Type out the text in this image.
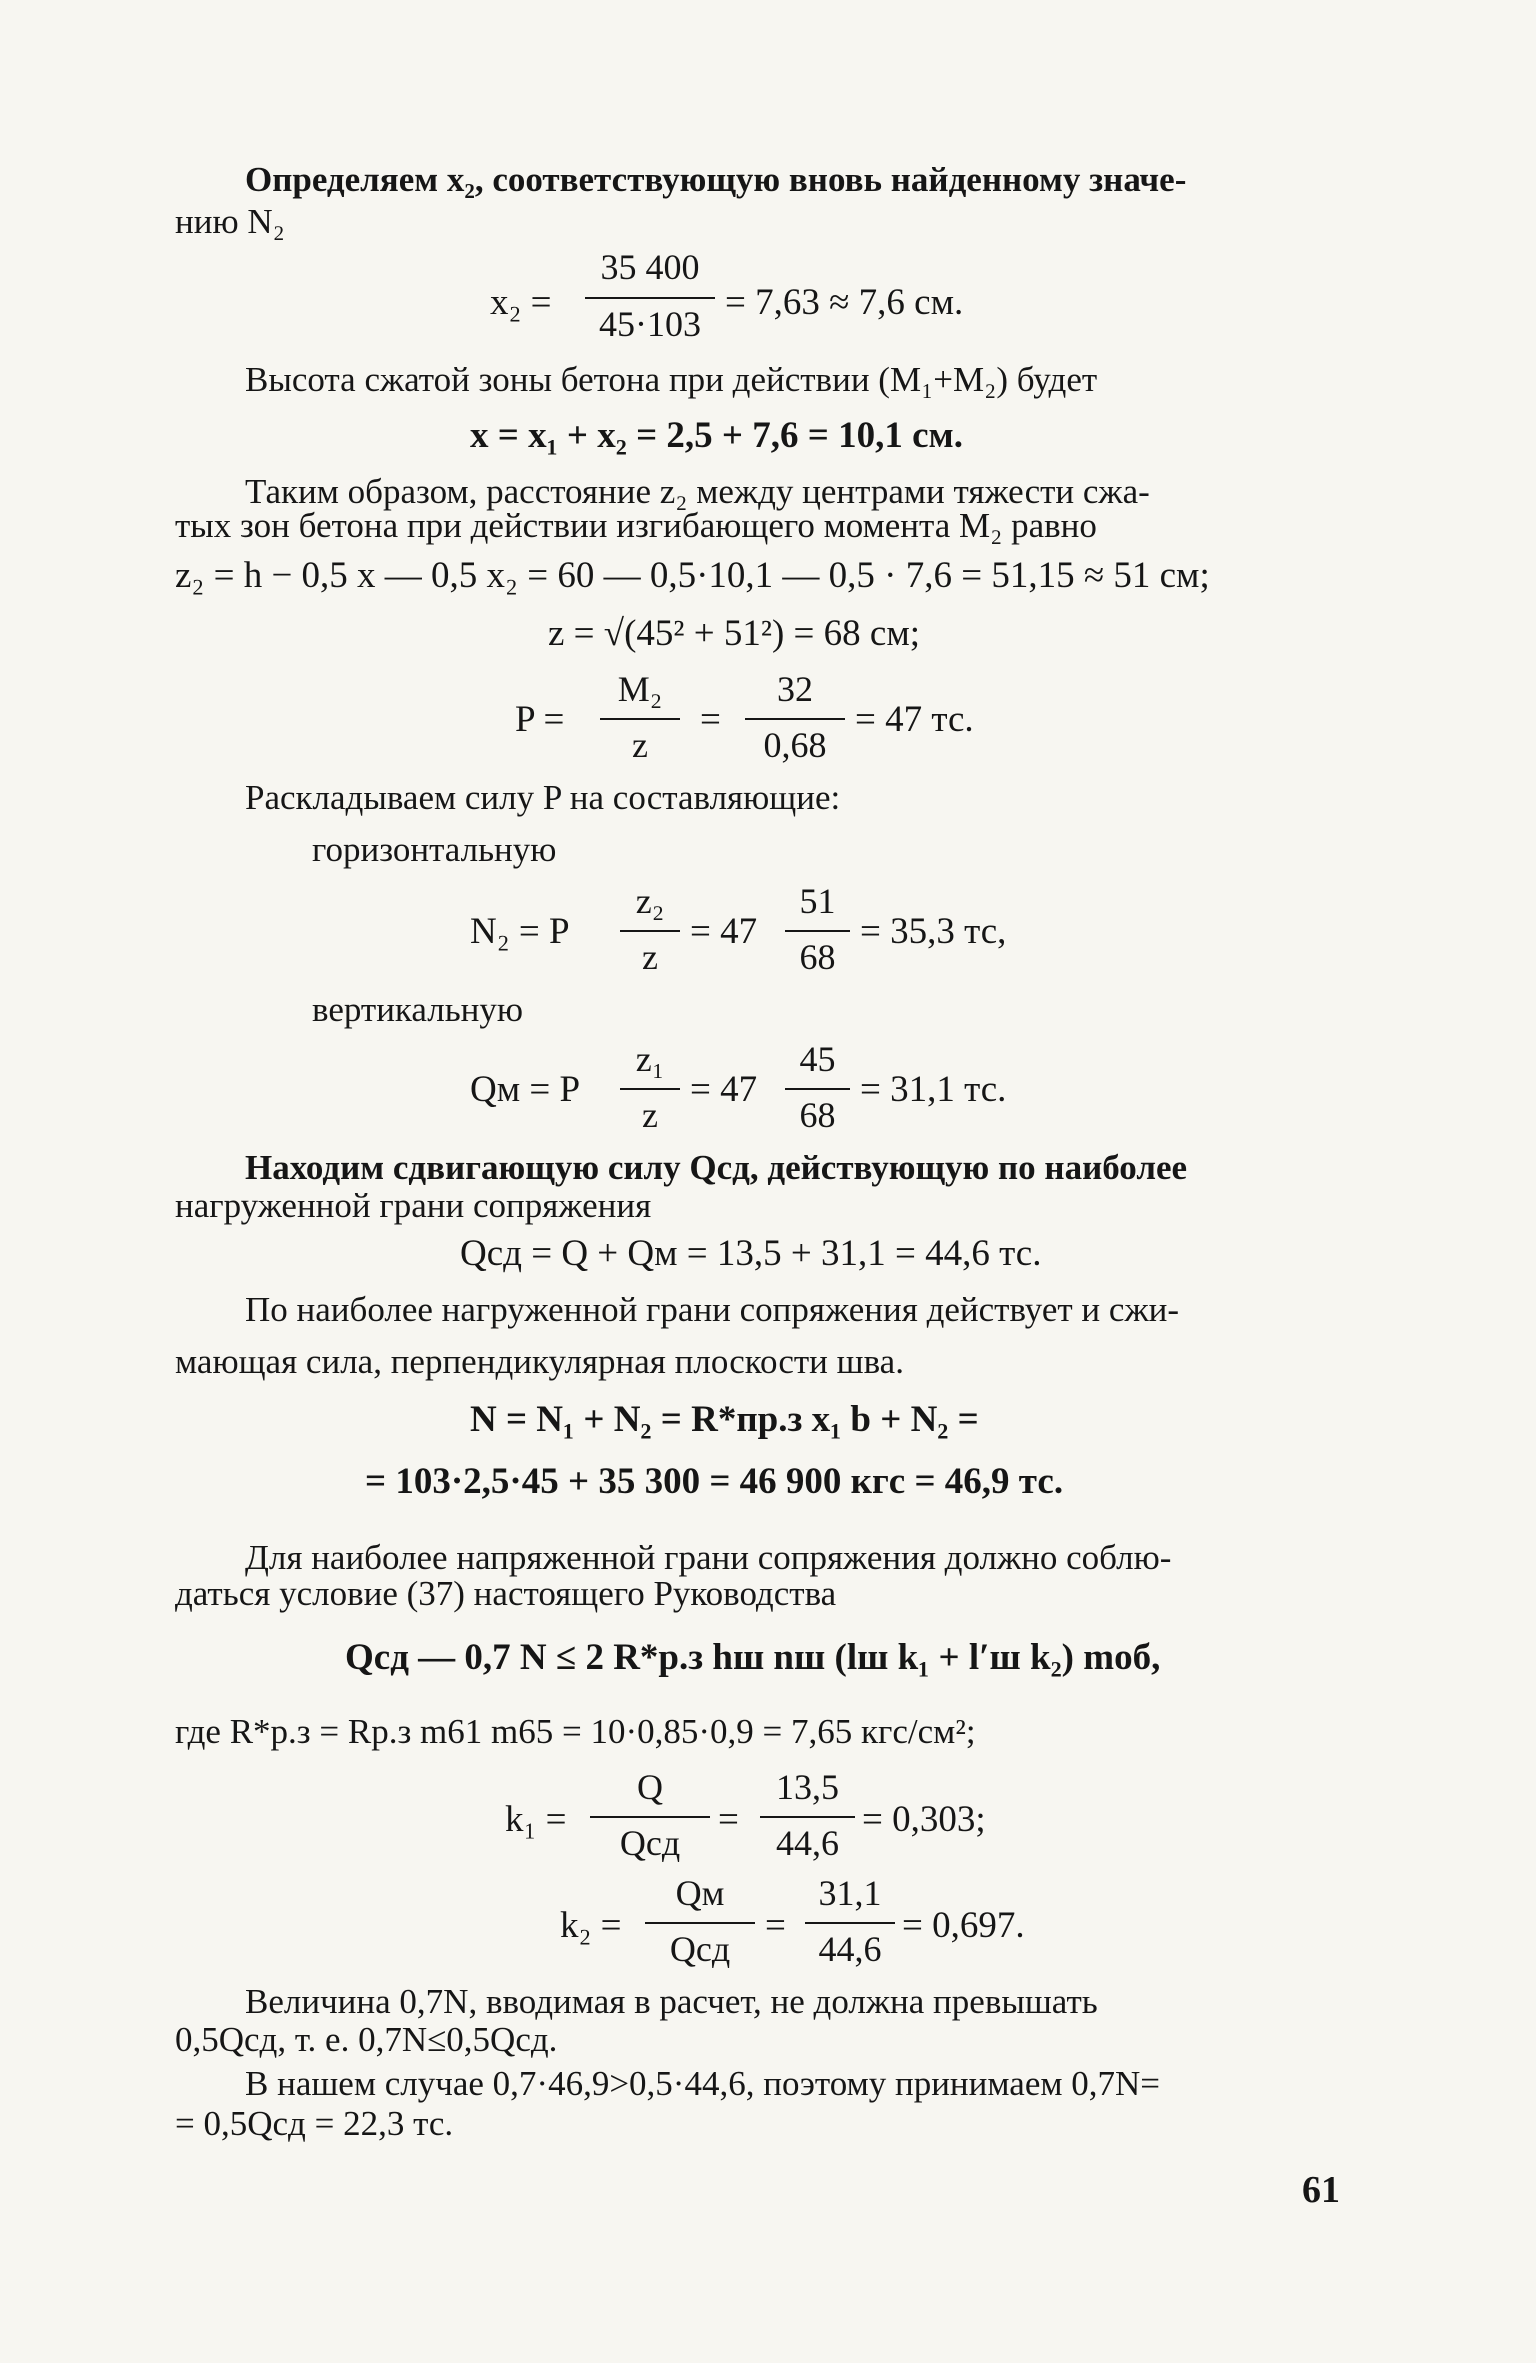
Определяем x₂, соответствующую вновь найденному значе-
нию N₂
x₂ =
35 400
45·103
= 7,63 ≈ 7,6 см.
Высота сжатой зоны бетона при действии (M₁+M₂) будет
x = x₁ + x₂ = 2,5 + 7,6 = 10,1 см.
Таким образом, расстояние z₂ между центрами тяжести сжа-
тых зон бетона при действии изгибающего момента M₂ равно
z₂ = h − 0,5 x — 0,5 x₂ = 60 — 0,5·10,1 — 0,5 · 7,6 = 51,15 ≈ 51 см;
z = √(45² + 51²) = 68 см;
P =
M₂
z
=
32
0,68
= 47 тс.
Раскладываем силу P на составляющие:
горизонтальную
N₂ = P
z₂
z
= 47
51
68
= 35,3 тс,
вертикальную
Qм = P
z₁
z
= 47
45
68
= 31,1 тс.
Находим сдвигающую силу Qсд, действующую по наиболее
нагруженной грани сопряжения
Qсд = Q + Qм = 13,5 + 31,1 = 44,6 тс.
По наиболее нагруженной грани сопряжения действует и сжи-
мающая сила, перпендикулярная плоскости шва.
N = N₁ + N₂ = R*пр.з x₁ b + N₂ =
= 103·2,5·45 + 35 300 = 46 900 кгс = 46,9 тс.
Для наиболее напряженной грани сопряжения должно соблю-
даться условие (37) настоящего Руководства
Qсд — 0,7 N ≤ 2 R*р.з hш nш (lш k₁ + l′ш k₂) mоб,
где R*р.з = Rр.з m61 m65 = 10·0,85·0,9 = 7,65 кгс/см²;
k₁ =
Q
Qсд
=
13,5
44,6
= 0,303;
k₂ =
Qм
Qсд
=
31,1
44,6
= 0,697.
Величина 0,7N, вводимая в расчет, не должна превышать
0,5Qсд, т. е. 0,7N≤0,5Qсд.
В нашем случае 0,7·46,9>0,5·44,6, поэтому принимаем 0,7N=
= 0,5Qсд = 22,3 тс.
61
